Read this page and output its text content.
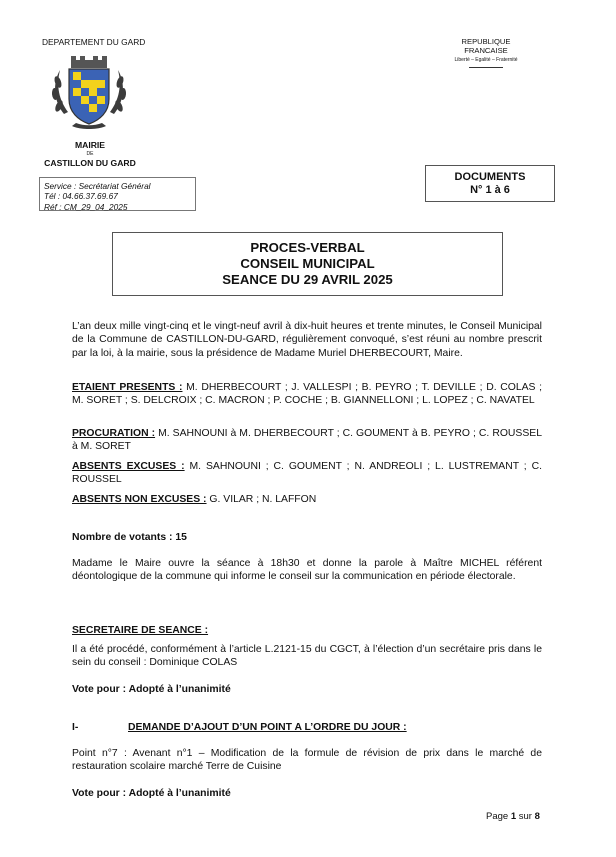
DEPARTEMENT DU GARD	REPUBLIQUE FRANCAISE
Liberté – Egalité – Fraternité
MAIRIE
DE
CASTILLON DU GARD
Service : Secrétariat Général
Tél : 04.66.37.69.67
Réf : CM_29_04_2025
DOCUMENTS
N° 1 à 6
PROCES-VERBAL
CONSEIL MUNICIPAL
SEANCE DU 29 AVRIL 2025
L’an deux mille vingt-cinq et le vingt-neuf avril à dix-huit heures et trente minutes, le Conseil Municipal de la Commune de CASTILLON-DU-GARD, régulièrement convoqué, s’est réuni au nombre prescrit par la loi, à la mairie, sous la présidence de Madame Muriel DHERBECOURT, Maire.
ETAIENT PRESENTS : M. DHERBECOURT ; J. VALLESPI ; B. PEYRO ; T. DEVILLE ; D. COLAS ; M. SORET ; S. DELCROIX ; C. MACRON ; P. COCHE ; B. GIANNELLONI ; L. LOPEZ ; C. NAVATEL
PROCURATION : M. SAHNOUNI à M. DHERBECOURT ; C. GOUMENT à B. PEYRO ; C. ROUSSEL à M. SORET
ABSENTS EXCUSES : M. SAHNOUNI ; C. GOUMENT ; N. ANDREOLI ; L. LUSTREMANT ; C. ROUSSEL
ABSENTS NON EXCUSES : G. VILAR ; N. LAFFON
Nombre de votants : 15
Madame le Maire ouvre la séance à 18h30 et donne la parole à Maître MICHEL référent déontologique de la commune qui informe le conseil sur la communication en période électorale.
SECRETAIRE DE SEANCE :
Il a été procédé, conformément à l’article L.2121-15 du CGCT, à l’élection d’un secrétaire pris dans le sein du conseil : Dominique COLAS
Vote pour : Adopté à l’unanimité
I-	DEMANDE D’AJOUT D’UN POINT A L’ORDRE DU JOUR :
Point n°7 : Avenant n°1 – Modification de la formule de révision de prix dans le marché de restauration scolaire marché Terre de Cuisine
Vote pour : Adopté à l’unanimité
Page 1 sur 8
